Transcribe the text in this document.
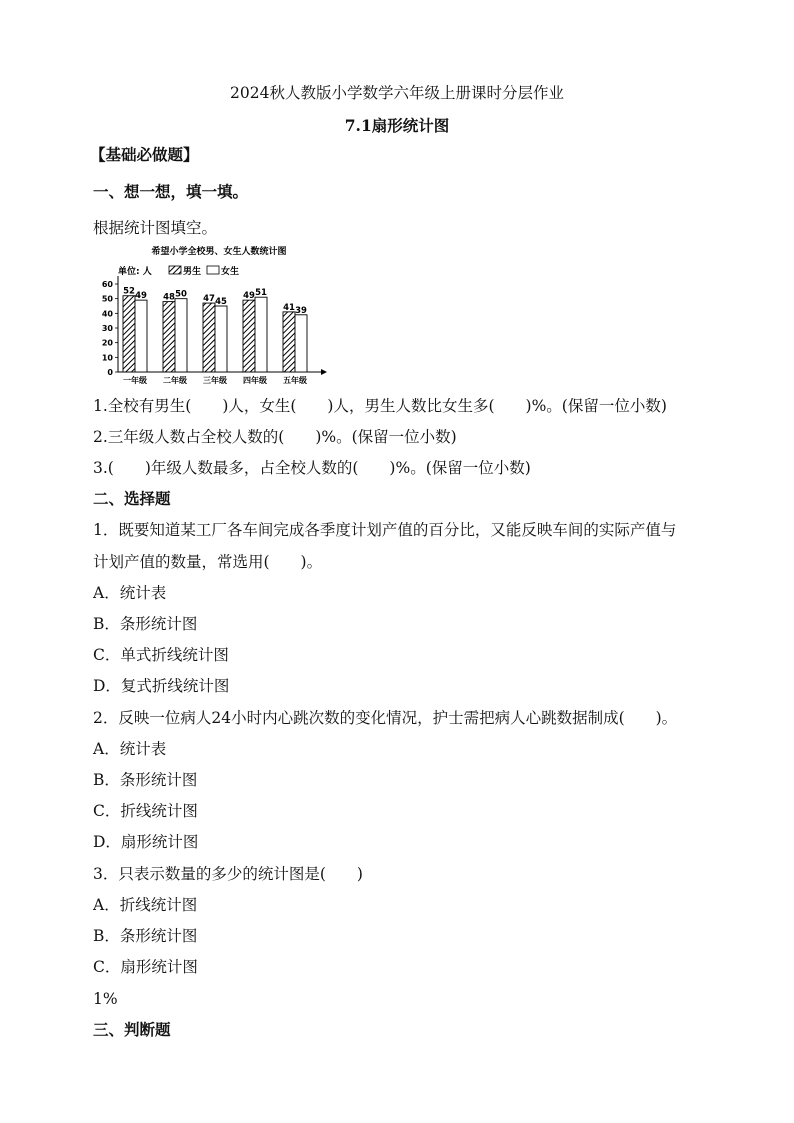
2024秋人教版小学数学六年级上册课时分层作业
7.1扇形统计图
【基础必做题】
一、想一想，填一填。
根据统计图填空。
希望小学全校男、女生人数统计图
单位: 人	男生 女生
0
10
20
30
40
50
60
52 49
一年级
48 50
二年级
47 45
三年级
49 51
四年级
41 39
五年级
1.全校有男生(　　)人，女生(　　)人，男生人数比女生多(　　)%。(保留一位小数)
2.三年级人数占全校人数的(　　)%。(保留一位小数)
3.(　　)年级人数最多，占全校人数的(　　)%。(保留一位小数)
二、选择题
1．既要知道某工厂各车间完成各季度计划产值的百分比，又能反映车间的实际产值与
计划产值的数量，常选用(　　)。
A．统计表
B．条形统计图
C．单式折线统计图
D．复式折线统计图
2．反映一位病人24小时内心跳次数的变化情况，护士需把病人心跳数据制成(　　)。
A．统计表
B．条形统计图
C．折线统计图
D．扇形统计图
3．只表示数量的多少的统计图是(　　)
A．折线统计图
B．条形统计图
C．扇形统计图
1%
三、判断题
